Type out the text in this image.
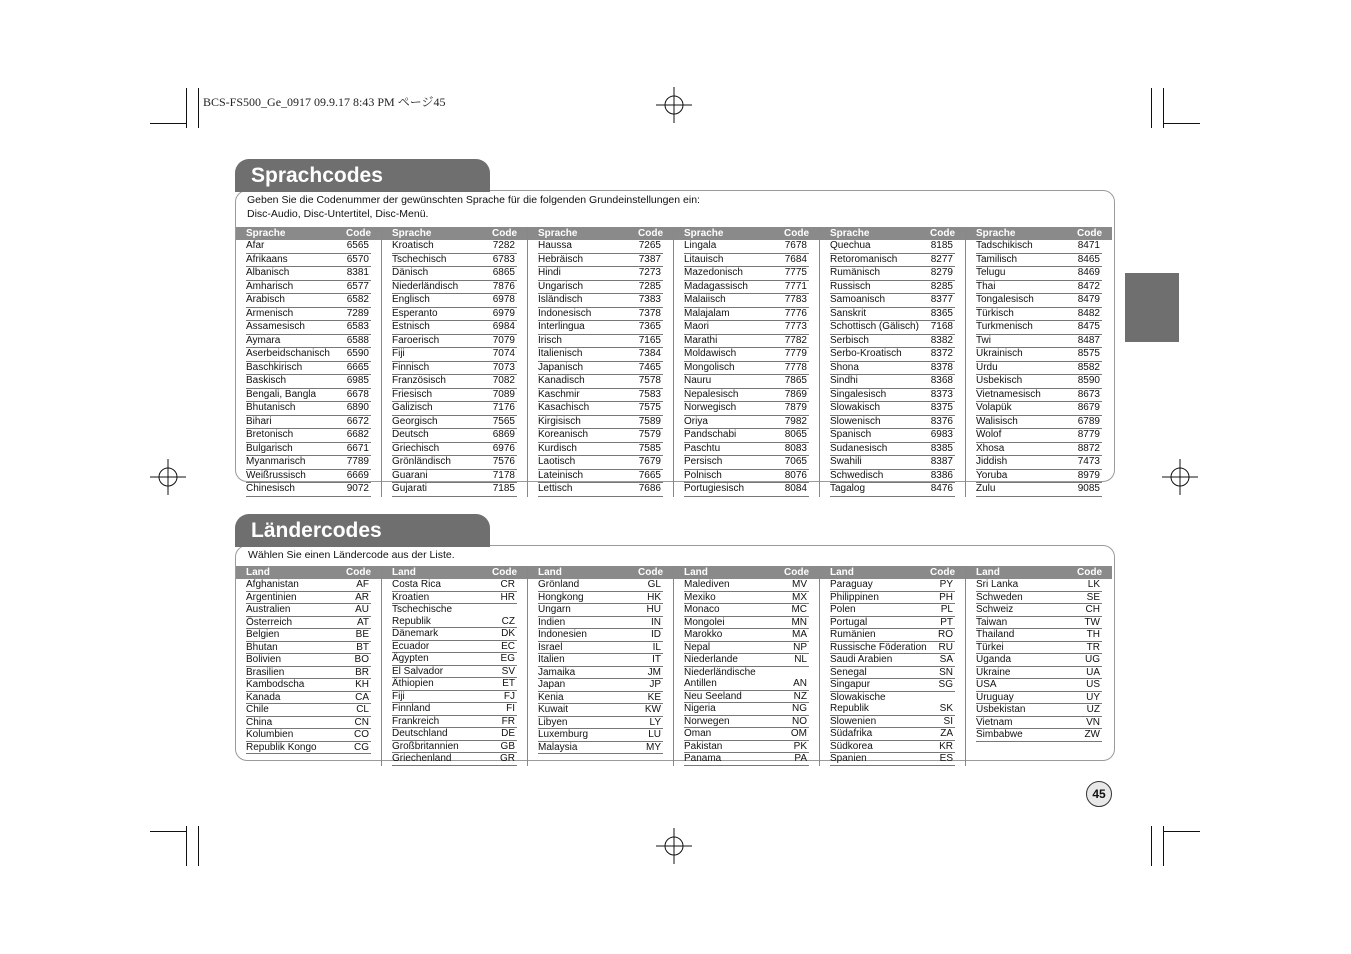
BCS-FS500_Ge_0917 09.9.17 8:43 PM ページ45
Sprachcodes
Geben Sie die Codenummer der gewünschten Sprache für die folgenden Grundeinstellungen ein:
Disc-Audio, Disc-Untertitel, Disc-Menü.
Sprache	Code
Afar	6565
Afrikaans	6570
Albanisch	8381
Amharisch	6577
Arabisch	6582
Armenisch	7289
Assamesisch	6583
Aymara	6588
Aserbeidschanisch 6590
Baschkirisch	6665
Baskisch	6985
Bengali, Bangla	6678
Bhutanisch	6890
Bihari	6672
Bretonisch	6682
Bulgarisch	6671
Myanmarisch	7789
Weißrussisch	6669
Chinesisch	9072
Sprache	Code
Kroatisch	7282
Tschechisch	6783
Dänisch	6865
Niederländisch	7876
Englisch	6978
Esperanto	6979
Estnisch	6984
Faroerisch	7079
Fiji	7074
Finnisch	7073
Französisch	7082
Friesisch	7089
Galizisch	7176
Georgisch	7565
Deutsch	6869
Griechisch	6976
Grönländisch	7576
Guarani	7178
Gujarati	7185
Sprache	Code
Haussa	7265
Hebräisch	7387
Hindi	7273
Ungarisch	7285
Isländisch	7383
Indonesisch	7378
Interlingua	7365
Irisch	7165
Italienisch	7384
Japanisch	7465
Kanadisch	7578
Kaschmir	7583
Kasachisch	7575
Kirgisisch	7589
Koreanisch	7579
Kurdisch	7585
Laotisch	7679
Lateinisch	7665
Lettisch	7686
Sprache	Code
Lingala	7678
Litauisch	7684
Mazedonisch	7775
Madagassisch	7771
Malaiisch	7783
Malajalam	7776
Maori	7773
Marathi	7782
Moldawisch	7779
Mongolisch	7778
Nauru	7865
Nepalesisch	7869
Norwegisch	7879
Oriya	7982
Pandschabi	8065
Paschtu	8083
Persisch	7065
Polnisch	8076
Portugiesisch	8084
Sprache	Code
Quechua	8185
Retoromanisch	8277
Rumänisch	8279
Russisch	8285
Samoanisch	8377
Sanskrit	8365
Schottisch (Gälisch) 7168
Serbisch	8382
Serbo-Kroatisch	8372
Shona	8378
Sindhi	8368
Singalesisch	8373
Slowakisch	8375
Slowenisch	8376
Spanisch	6983
Sudanesisch	8385
Swahili	8387
Schwedisch	8386
Tagalog	8476
Sprache	Code
Tadschikisch	8471
Tamilisch	8465
Telugu	8469
Thai	8472
Tongalesisch	8479
Türkisch	8482
Turkmenisch	8475
Twi	8487
Ukrainisch	8575
Urdu	8582
Usbekisch	8590
Vietnamesisch	8673
Volapük	8679
Walisisch	6789
Wolof	8779
Xhosa	8872
Jiddish	7473
Yoruba	8979
Zulu	9085
Ländercodes
Wählen Sie einen Ländercode aus der Liste.
Land	Code
Afghanistan	AF
Argentinien	AR
Australien	AU
Österreich	AT
Belgien	BE
Bhutan	BT
Bolivien	BO
Brasilien	BR
Kambodscha	KH
Kanada	CA
Chile	CL
China	CN
Kolumbien	CO
Republik Kongo	CG
Land	Code
Costa Rica	CR
Kroatien	HR
Tschechische
Republik	CZ
Dänemark	DK
Ecuador	EC
Ägypten	EG
El Salvador	SV
Äthiopien	ET
Fiji	FJ
Finnland	FI
Frankreich	FR
Deutschland	DE
Großbritannien	GB
Griechenland	GR
Land	Code
Grönland	GL
Hongkong	HK
Ungarn	HU
Indien	IN
Indonesien	ID
Israel	IL
Italien	IT
Jamaika	JM
Japan	JP
Kenia	KE
Kuwait	KW
Libyen	LY
Luxemburg	LU
Malaysia	MY
Land	Code
Malediven	MV
Mexiko	MX
Monaco	MC
Mongolei	MN
Marokko	MA
Nepal	NP
Niederlande	NL
Niederländische
Antillen	AN
Neu Seeland	NZ
Nigeria	NG
Norwegen	NO
Oman	OM
Pakistan	PK
Panama	PA
Land	Code
Paraguay	PY
Philippinen	PH
Polen	PL
Portugal	PT
Rumänien	RO
Russische Föderation RU
Saudi Arabien	SA
Senegal	SN
Singapur	SG
Slowakische
Republik	SK
Slowenien	SI
Südafrika	ZA
Südkorea	KR
Spanien	ES
Land	Code
Sri Lanka	LK
Schweden	SE
Schweiz	CH
Taiwan	TW
Thailand	TH
Türkei	TR
Uganda	UG
Ukraine	UA
USA	US
Uruguay	UY
Usbekistan	UZ
Vietnam	VN
Simbabwe	ZW
45
